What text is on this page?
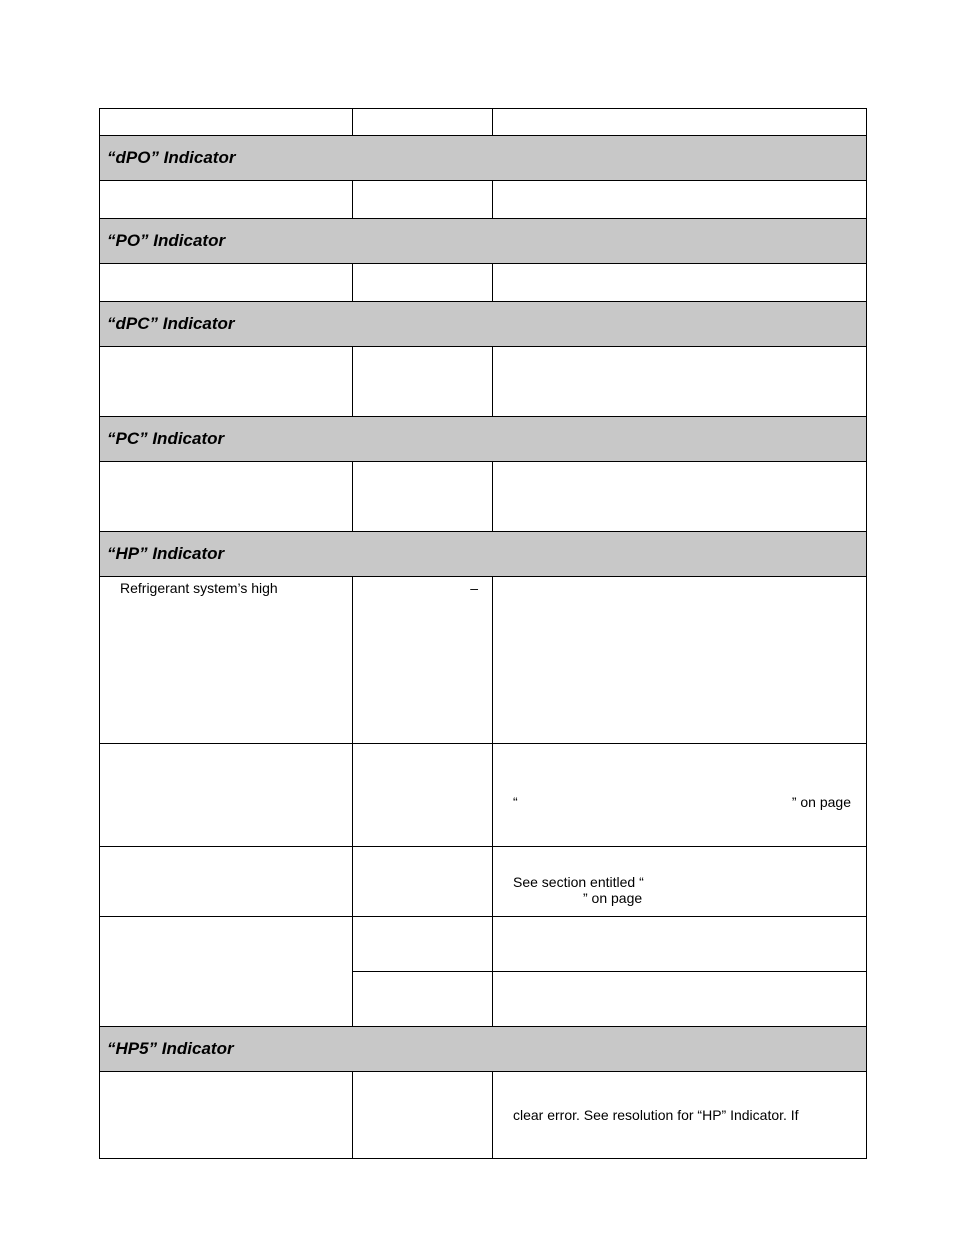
“dPO” Indicator		

“PO” Indicator		

“dPC” Indicator		

“PC” Indicator		

“HP” Indicator		

Refrigerant system’s high	–	

		“ ” on page

		See section entitled “
” on page

“HP5” Indicator		

		clear error. See resolution for “HP” Indicator. If
